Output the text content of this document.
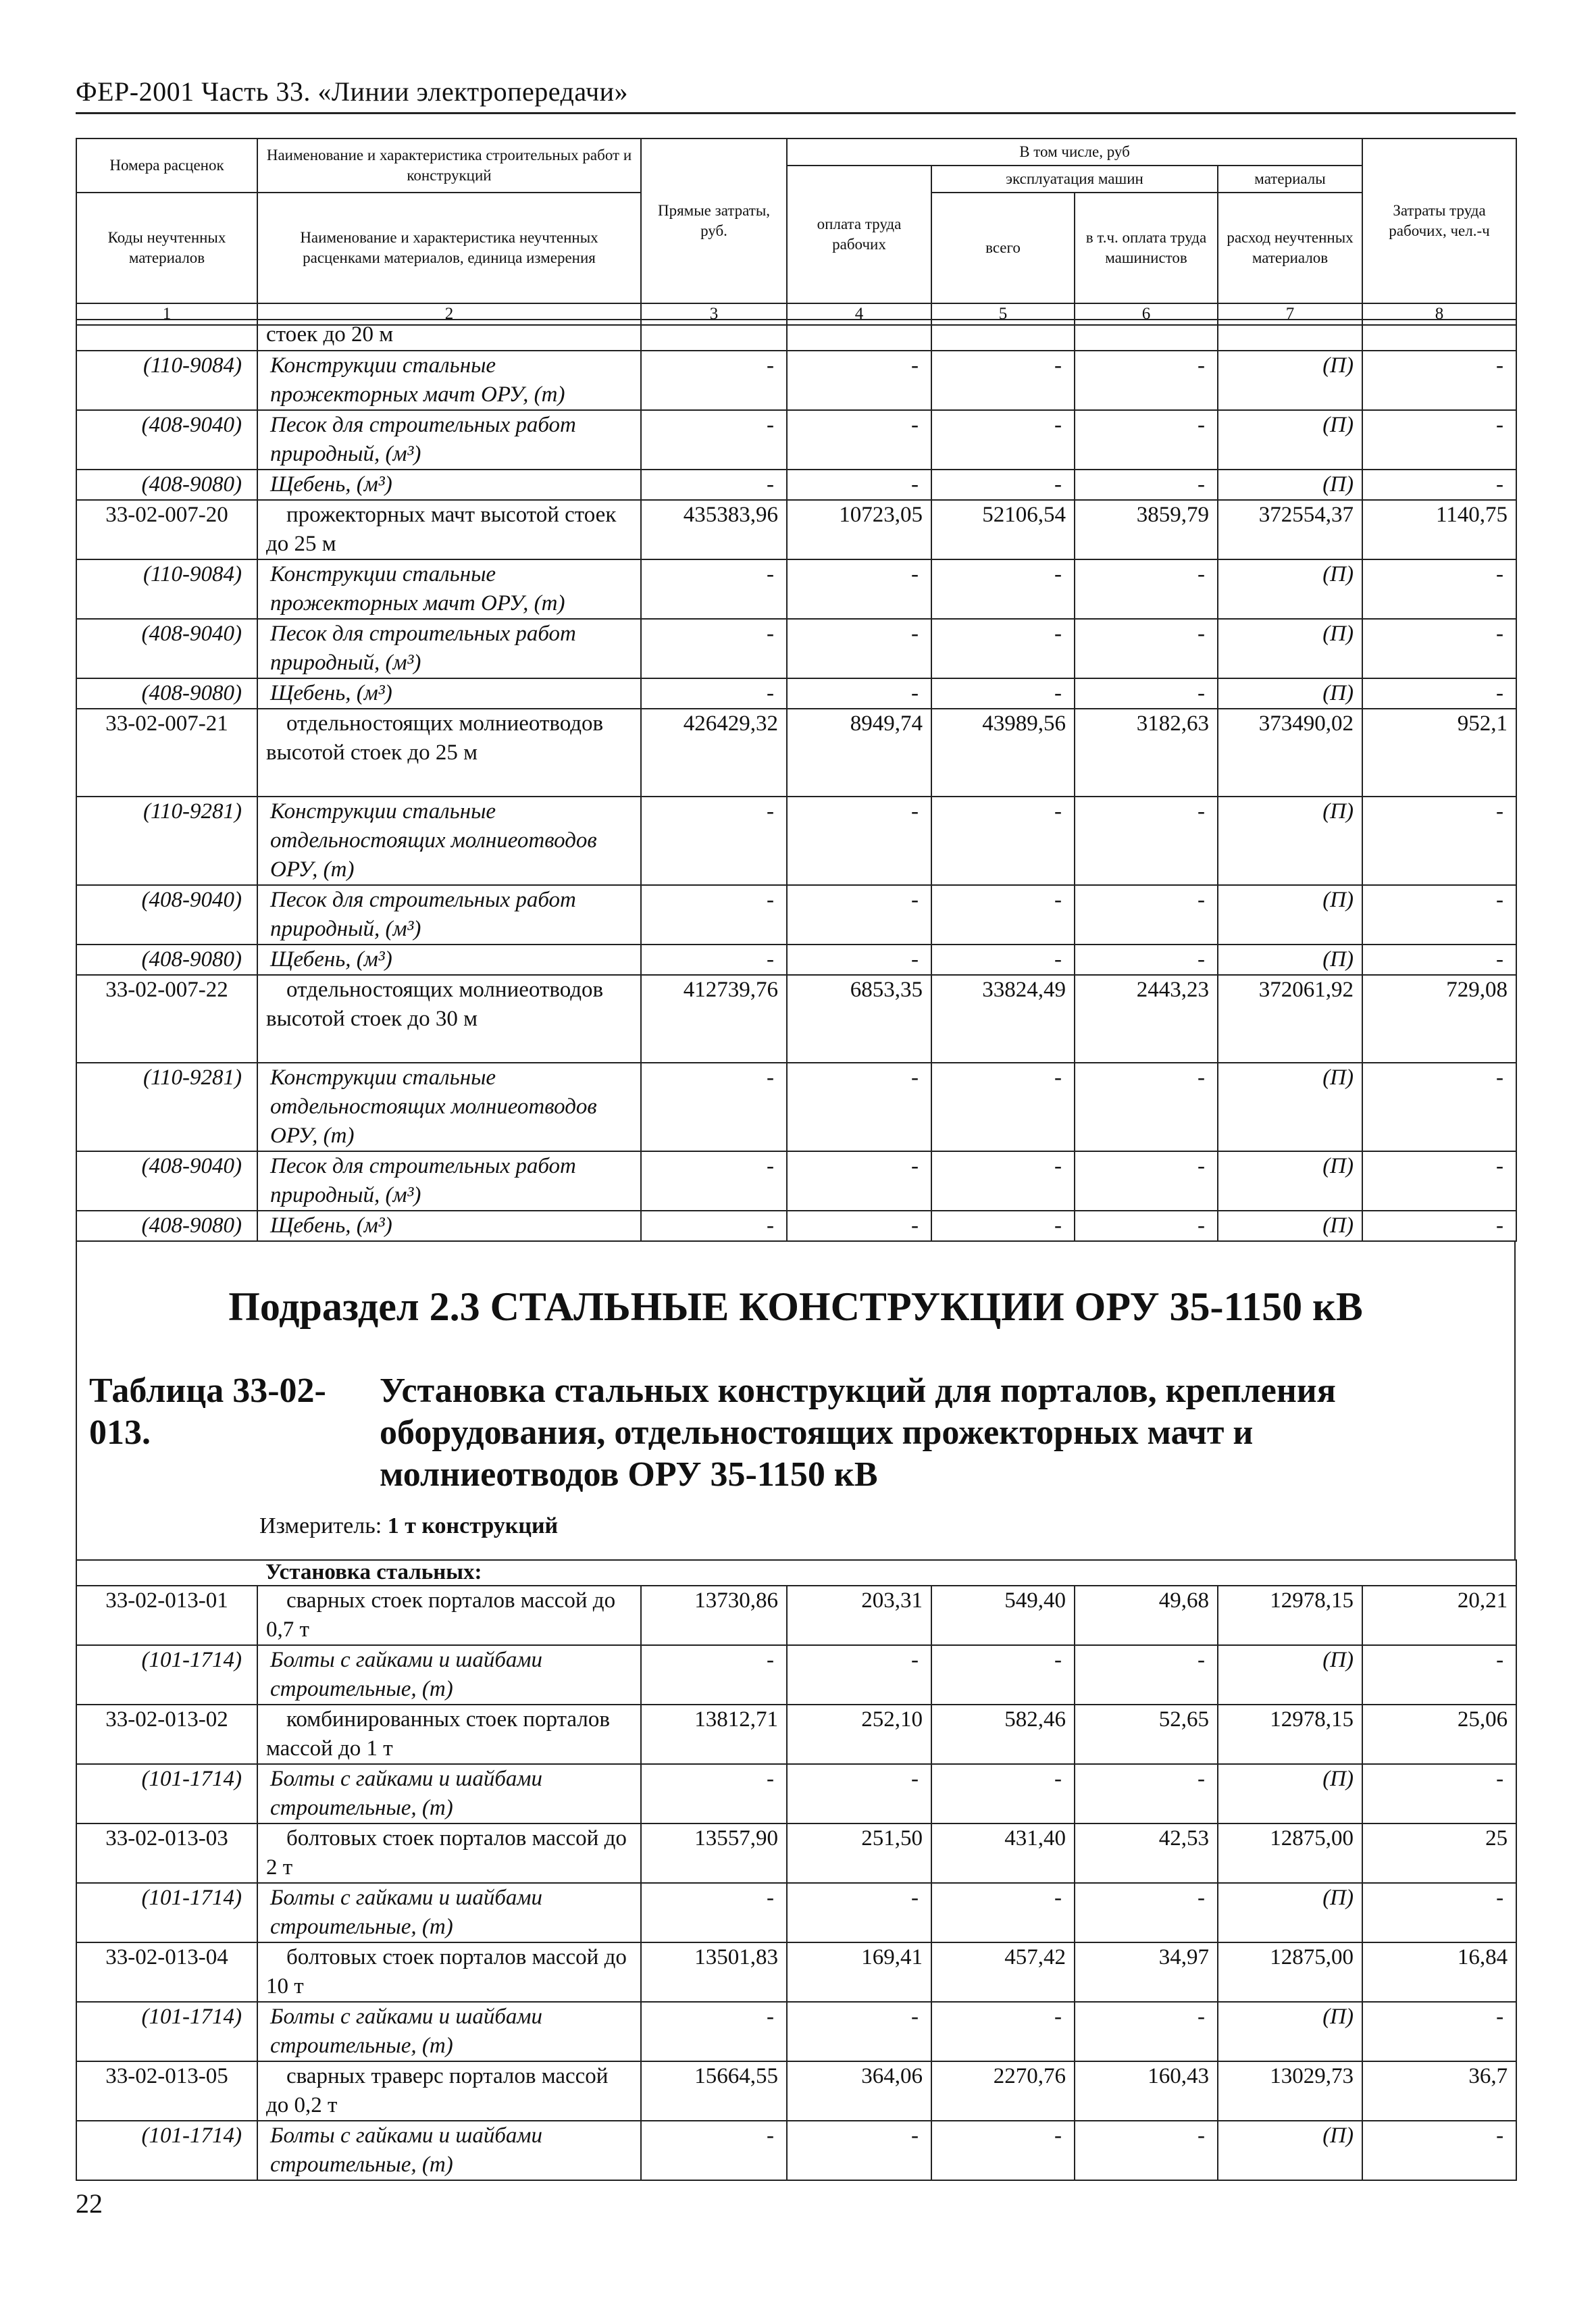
ФЕР-2001 Часть 33. «Линии электропередачи»
Номера расценок	Наименование и характеристика строительных работ и конструкций	Прямые затраты, руб.	В том числе, руб				Затраты труда рабочих, чел.-ч
			оплата труда рабочих	эксплуатация машин		материалы	
Коды неучтенных материалов	Наименование и характеристика неучтенных расценками материалов, единица измерения			всего	в т.ч. оплата труда машинистов	расход неучтенных материалов	

1	2	3	4	5	6	7	8
	стоек до 20 м						
(110-9084)	Конструкции стальные прожекторных мачт ОРУ, (т)	-	-	-	-	(П)	-
(408-9040)	Песок для строительных работ природный, (м³)	-	-	-	-	(П)	-
(408-9080)	Щебень, (м³)	-	-	-	-	(П)	-
33-02-007-20	прожекторных мачт высотой стоек до 25 м	435383,96	10723,05	52106,54	3859,79	372554,37	1140,75
(110-9084)	Конструкции стальные прожекторных мачт ОРУ, (т)	-	-	-	-	(П)	-
(408-9040)	Песок для строительных работ природный, (м³)	-	-	-	-	(П)	-
(408-9080)	Щебень, (м³)	-	-	-	-	(П)	-
33-02-007-21	отдельностоящих молниеотводов высотой стоек до 25 м	426429,32	8949,74	43989,56	3182,63	373490,02	952,1
(110-9281)	Конструкции стальные отдельностоящих молниеотводов ОРУ, (т)	-	-	-	-	(П)	-
(408-9040)	Песок для строительных работ природный, (м³)	-	-	-	-	(П)	-
(408-9080)	Щебень, (м³)	-	-	-	-	(П)	-
33-02-007-22	отдельностоящих молниеотводов высотой стоек до 30 м	412739,76	6853,35	33824,49	2443,23	372061,92	729,08
(110-9281)	Конструкции стальные отдельностоящих молниеотводов ОРУ, (т)	-	-	-	-	(П)	-
(408-9040)	Песок для строительных работ природный, (м³)	-	-	-	-	(П)	-
(408-9080)	Щебень, (м³)	-	-	-	-	(П)	-
Подраздел 2.3 СТАЛЬНЫЕ КОНСТРУКЦИИ ОРУ 35-1150 кВ
Таблица 33-02-013.Установка стальных конструкций для порталов, крепления оборудования, отдельностоящих прожекторных мачт и молниеотводов ОРУ 35-1150 кВ
Измеритель: 1 т конструкций
	Установка стальных:						
33-02-013-01	сварных стоек порталов массой до 0,7 т	13730,86	203,31	549,40	49,68	12978,15	20,21
(101-1714)	Болты с гайками и шайбами строительные, (т)	-	-	-	-	(П)	-
33-02-013-02	комбинированных стоек порталов массой до 1 т	13812,71	252,10	582,46	52,65	12978,15	25,06
(101-1714)	Болты с гайками и шайбами строительные, (т)	-	-	-	-	(П)	-
33-02-013-03	болтовых стоек порталов массой до 2 т	13557,90	251,50	431,40	42,53	12875,00	25
(101-1714)	Болты с гайками и шайбами строительные, (т)	-	-	-	-	(П)	-
33-02-013-04	болтовых стоек порталов массой до 10 т	13501,83	169,41	457,42	34,97	12875,00	16,84
(101-1714)	Болты с гайками и шайбами строительные, (т)	-	-	-	-	(П)	-
33-02-013-05	сварных траверс порталов массой до 0,2 т	15664,55	364,06	2270,76	160,43	13029,73	36,7
(101-1714)	Болты с гайками и шайбами строительные, (т)	-	-	-	-	(П)	-
22
